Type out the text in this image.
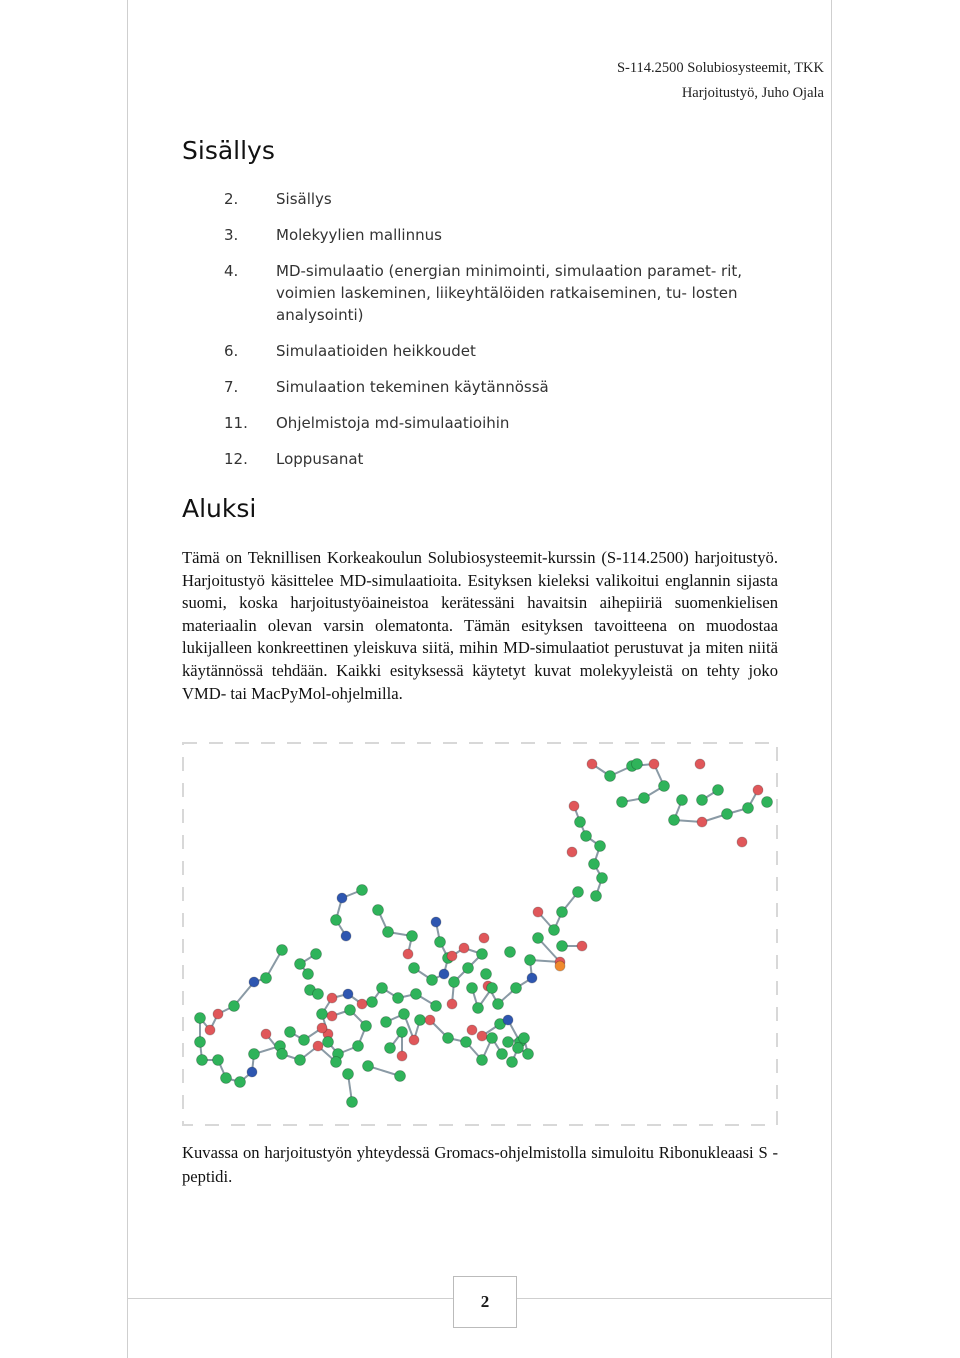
S-114.2500 Solubiosysteemit, TKK
Harjoitustyö, Juho Ojala
Sisällys
2.	Sisällys
3.	Molekyylien mallinnus
4.	MD-simulaatio (energian minimointi, simulaation paramet- rit, voimien laskeminen, liikeyhtälöiden ratkaiseminen, tu- losten analysointi)
6.	Simulaatioiden heikkoudet
7.	Simulaation tekeminen käytännössä
11.	Ohjelmistoja md-simulaatioihin
12.	Loppusanat
Aluksi

Tämä on Teknillisen Korkeakoulun Solubiosysteemit-kurssin (S-114.2500) harjoitustyö. Harjoitustyö käsittelee MD-simulaatioita. Esityksen kieleksi valikoitui englannin sijasta suomi, koska harjoitustyöaineistoa kerätessäni havaitsin aihepiiriä suomenkielisen materiaalin olevan varsin olematonta. Tämän esityksen tavoitteena on muodostaa lukijalleen konkreettinen yleiskuva siitä, mihin MD-simulaatiot perustuvat ja miten niitä käytännössä tehdään. Kaikki esityksessä käytetyt kuvat molekyyleistä on tehty joko VMD- tai MacPyMol-ohjelmilla.

Kuvassa on harjoitustyön yhteydessä Gromacs-ohjelmistolla simuloitu Ribonukleaasi S -peptidi.

2
